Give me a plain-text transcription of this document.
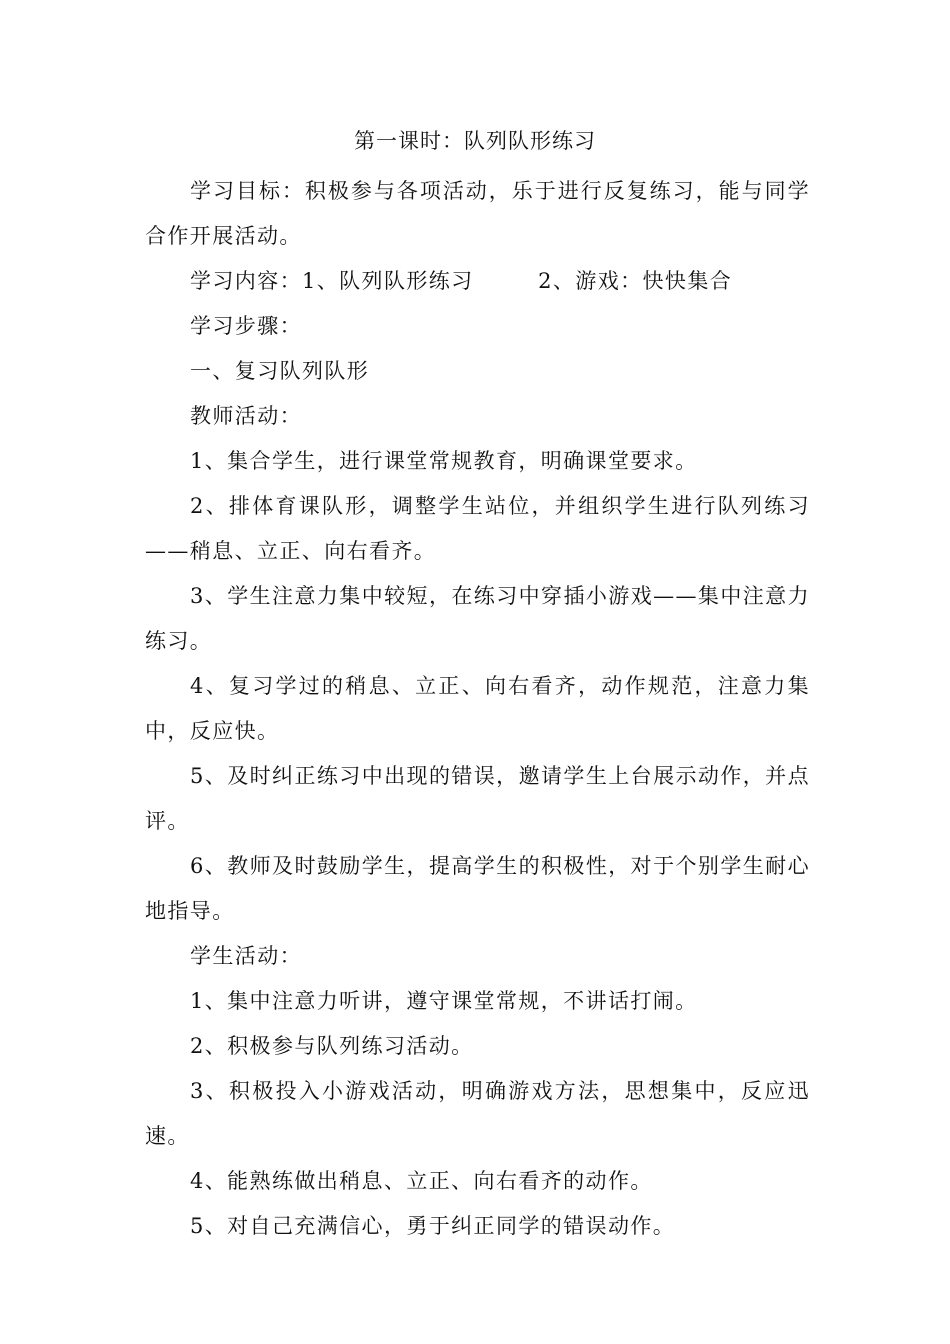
第一课时：队列队形练习

学习目标：积极参与各项活动，乐于进行反复练习，能与同学合作开展活动。

学习内容：1、队列队形练习        2、游戏：快快集合

学习步骤：

一、复习队列队形

教师活动：

1、集合学生，进行课堂常规教育，明确课堂要求。

2、排体育课队形，调整学生站位，并组织学生进行队列练习——稍息、立正、向右看齐。

3、学生注意力集中较短，在练习中穿插小游戏——集中注意力练习。

4、复习学过的稍息、立正、向右看齐，动作规范，注意力集中，反应快。

5、及时纠正练习中出现的错误，邀请学生上台展示动作，并点评。

6、教师及时鼓励学生，提高学生的积极性，对于个别学生耐心地指导。

学生活动：

1、集中注意力听讲，遵守课堂常规，不讲话打闹。

2、积极参与队列练习活动。

3、积极投入小游戏活动，明确游戏方法，思想集中，反应迅速。

4、能熟练做出稍息、立正、向右看齐的动作。

5、对自己充满信心，勇于纠正同学的错误动作。
